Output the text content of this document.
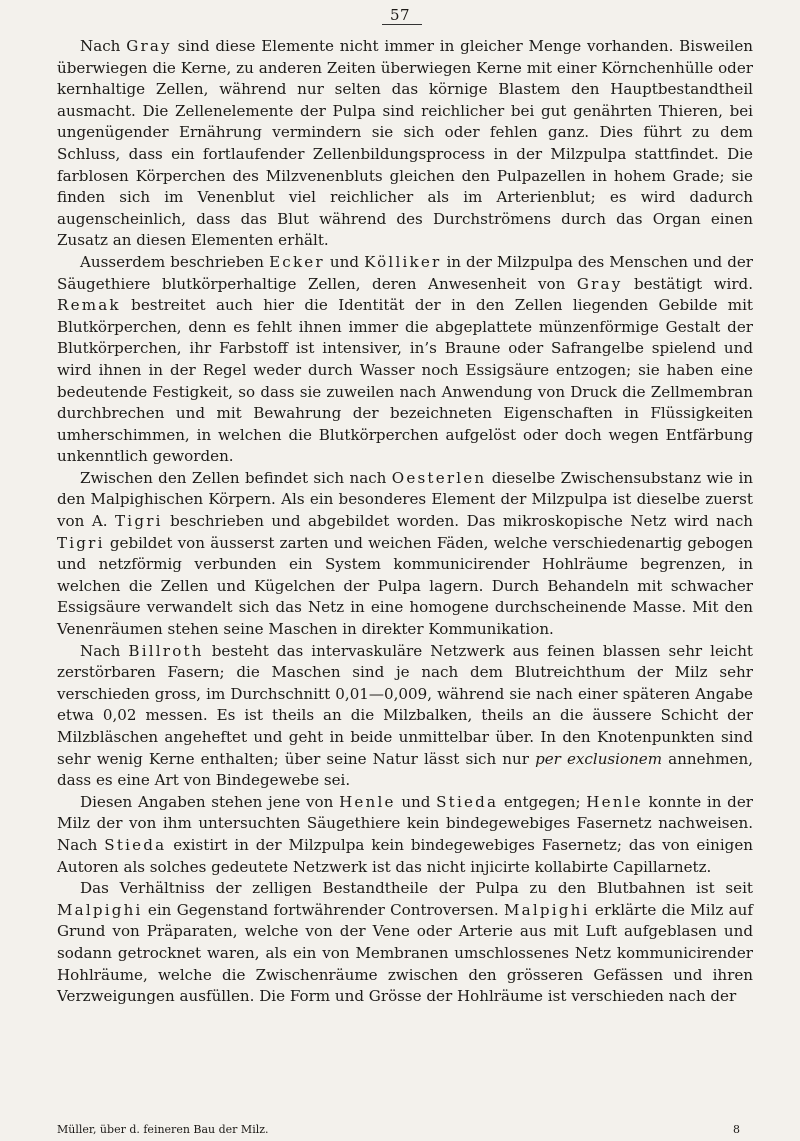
57

Nach Gray sind diese Elemente nicht immer in gleicher Menge vorhanden. Bisweilen überwiegen die Kerne, zu anderen Zeiten überwiegen Kerne mit einer Körnchenhülle oder kernhaltige Zellen, während nur selten das körnige Blastem den Hauptbestandtheil ausmacht. Die Zellenelemente der Pulpa sind reichlicher bei gut genährten Thieren, bei ungenügender Ernährung vermindern sie sich oder fehlen ganz. Dies führt zu dem Schluss, dass ein fortlaufender Zellenbildungsprocess in der Milzpulpa stattfindet. Die farblosen Körperchen des Milzvenenbluts gleichen den Pulpazellen in hohem Grade; sie finden sich im Venenblut viel reichlicher als im Arterienblut; es wird dadurch augenscheinlich, dass das Blut während des Durchströmens durch das Organ einen Zusatz an diesen Elementen erhält.

Ausserdem beschrieben Ecker und Kölliker in der Milzpulpa des Menschen und der Säugethiere blutkörperhaltige Zellen, deren Anwesenheit von Gray bestätigt wird. Remak bestreitet auch hier die Identität der in den Zellen liegenden Gebilde mit Blutkörperchen, denn es fehlt ihnen immer die abgeplattete münzenförmige Gestalt der Blutkörperchen, ihr Farbstoff ist intensiver, in’s Braune oder Safrangelbe spielend und wird ihnen in der Regel weder durch Wasser noch Essigsäure entzogen; sie haben eine bedeutende Festigkeit, so dass sie zuweilen nach Anwendung von Druck die Zellmembran durchbrechen und mit Bewahrung der bezeichneten Eigenschaften in Flüssigkeiten umherschimmen, in welchen die Blutkörperchen aufgelöst oder doch wegen Entfärbung unkenntlich geworden.

Zwischen den Zellen befindet sich nach Oesterlen dieselbe Zwischensubstanz wie in den Malpighischen Körpern. Als ein besonderes Element der Milzpulpa ist dieselbe zuerst von A. Tigri beschrieben und abgebildet worden. Das mikroskopische Netz wird nach Tigri gebildet von äusserst zarten und weichen Fäden, welche verschiedenartig gebogen und netzförmig verbunden ein System kommunicirender Hohlräume begrenzen, in welchen die Zellen und Kügelchen der Pulpa lagern. Durch Behandeln mit schwacher Essigsäure verwandelt sich das Netz in eine homogene durchscheinende Masse. Mit den Venenräumen stehen seine Maschen in direkter Kommunikation.

Nach Billroth besteht das intervaskuläre Netzwerk aus feinen blassen sehr leicht zerstörbaren Fasern; die Maschen sind je nach dem Blutreichthum der Milz sehr verschieden gross, im Durchschnitt 0,01—0,009, während sie nach einer späteren Angabe etwa 0,02 messen. Es ist theils an die Milzbalken, theils an die äussere Schicht der Milzbläschen angeheftet und geht in beide unmittelbar über. In den Knotenpunkten sind sehr wenig Kerne enthalten; über seine Natur lässt sich nur per exclusionem annehmen, dass es eine Art von Bindegewebe sei.

Diesen Angaben stehen jene von Henle und Stieda entgegen; Henle konnte in der Milz der von ihm untersuchten Säugethiere kein bindegewebiges Fasernetz nachweisen. Nach Stieda existirt in der Milzpulpa kein bindegewebiges Fasernetz; das von einigen Autoren als solches gedeutete Netzwerk ist das nicht injicirte kollabirte Capillarnetz.

Das Verhältniss der zelligen Bestandtheile der Pulpa zu den Blutbahnen ist seit Malpighi ein Gegenstand fortwährender Controversen. Malpighi erklärte die Milz auf Grund von Präparaten, welche von der Vene oder Arterie aus mit Luft aufgeblasen und sodann getrocknet waren, als ein von Membranen umschlossenes Netz kommunicirender Hohlräume, welche die Zwischenräume zwischen den grösseren Gefässen und ihren Verzweigungen ausfüllen. Die Form und Grösse der Hohlräume ist verschieden nach der

Müller, über d. feineren Bau der Milz.	8
